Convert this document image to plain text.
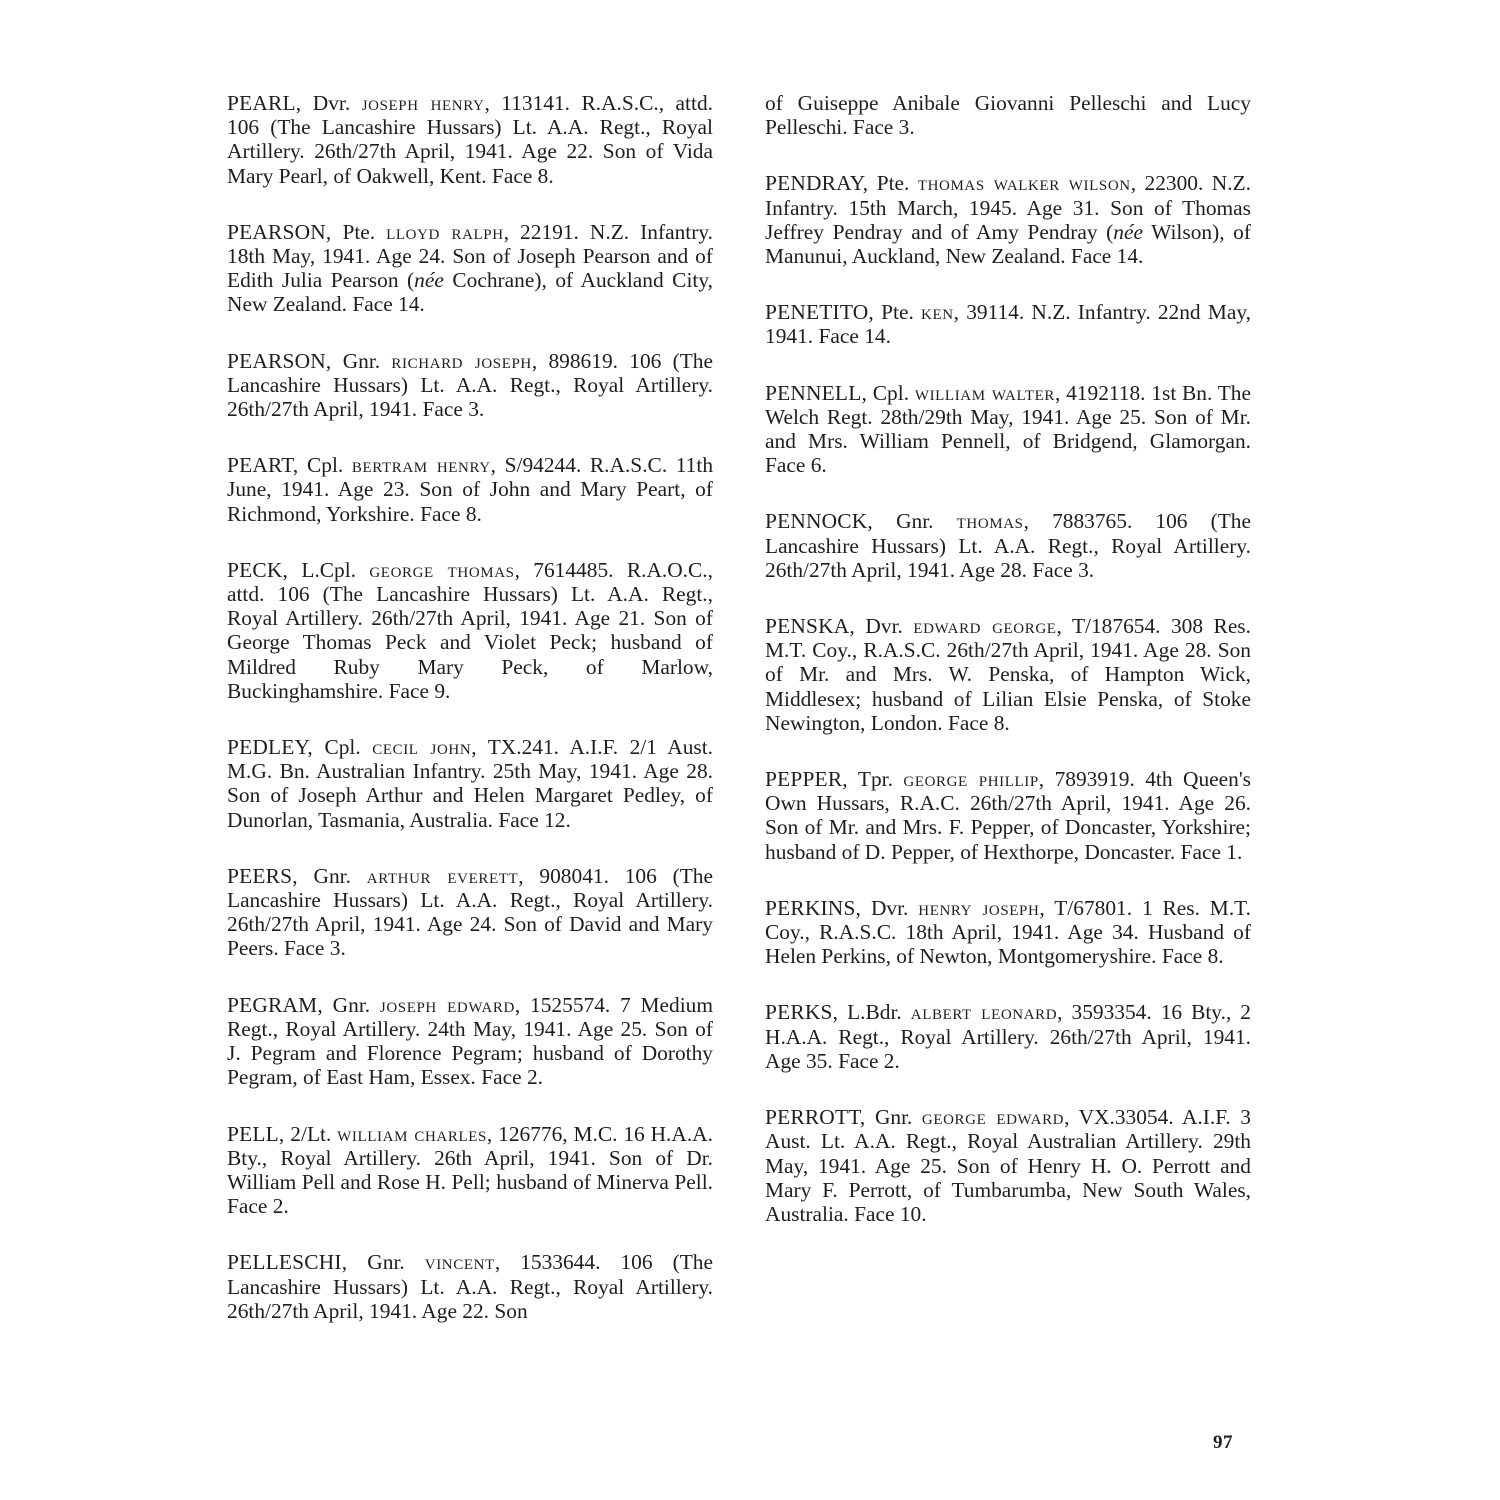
PEARL, Dvr. joseph henry, 113141. R.A.S.C., attd. 106 (The Lancashire Hussars) Lt. A.A. Regt., Royal Artillery. 26th/27th April, 1941. Age 22. Son of Vida Mary Pearl, of Oakwell, Kent. Face 8.

PEARSON, Pte. lloyd ralph, 22191. N.Z. Infantry. 18th May, 1941. Age 24. Son of Joseph Pearson and of Edith Julia Pearson (née Cochrane), of Auckland City, New Zealand. Face 14.

PEARSON, Gnr. richard joseph, 898619. 106 (The Lancashire Hussars) Lt. A.A. Regt., Royal Artillery. 26th/27th April, 1941. Face 3.

PEART, Cpl. bertram henry, S/94244. R.A.S.C. 11th June, 1941. Age 23. Son of John and Mary Peart, of Richmond, Yorkshire. Face 8.

PECK, L.Cpl. george thomas, 7614485. R.A.O.C., attd. 106 (The Lancashire Hussars) Lt. A.A. Regt., Royal Artillery. 26th/27th April, 1941. Age 21. Son of George Thomas Peck and Violet Peck; husband of Mildred Ruby Mary Peck, of Marlow, Buckinghamshire. Face 9.

PEDLEY, Cpl. cecil john, TX.241. A.I.F. 2/1 Aust. M.G. Bn. Australian Infantry. 25th May, 1941. Age 28. Son of Joseph Arthur and Helen Margaret Pedley, of Dunorlan, Tasmania, Australia. Face 12.

PEERS, Gnr. arthur everett, 908041. 106 (The Lancashire Hussars) Lt. A.A. Regt., Royal Artillery. 26th/27th April, 1941. Age 24. Son of David and Mary Peers. Face 3.

PEGRAM, Gnr. joseph edward, 1525574. 7 Medium Regt., Royal Artillery. 24th May, 1941. Age 25. Son of J. Pegram and Florence Pegram; husband of Dorothy Pegram, of East Ham, Essex. Face 2.

PELL, 2/Lt. william charles, 126776, M.C. 16 H.A.A. Bty., Royal Artillery. 26th April, 1941. Son of Dr. William Pell and Rose H. Pell; husband of Minerva Pell. Face 2.

PELLESCHI, Gnr. vincent, 1533644. 106 (The Lancashire Hussars) Lt. A.A. Regt., Royal Artillery. 26th/27th April, 1941. Age 22. Son

of Guiseppe Anibale Giovanni Pelleschi and Lucy Pelleschi. Face 3.

PENDRAY, Pte. thomas walker wilson, 22300. N.Z. Infantry. 15th March, 1945. Age 31. Son of Thomas Jeffrey Pendray and of Amy Pendray (née Wilson), of Manunui, Auckland, New Zealand. Face 14.

PENETITO, Pte. ken, 39114. N.Z. Infantry. 22nd May, 1941. Face 14.

PENNELL, Cpl. william walter, 4192118. 1st Bn. The Welch Regt. 28th/29th May, 1941. Age 25. Son of Mr. and Mrs. William Pennell, of Bridgend, Glamorgan. Face 6.

PENNOCK, Gnr. thomas, 7883765. 106 (The Lancashire Hussars) Lt. A.A. Regt., Royal Artillery. 26th/27th April, 1941. Age 28. Face 3.

PENSKA, Dvr. edward george, T/187654. 308 Res. M.T. Coy., R.A.S.C. 26th/27th April, 1941. Age 28. Son of Mr. and Mrs. W. Penska, of Hampton Wick, Middlesex; husband of Lilian Elsie Penska, of Stoke Newington, London. Face 8.

PEPPER, Tpr. george phillip, 7893919. 4th Queen's Own Hussars, R.A.C. 26th/27th April, 1941. Age 26. Son of Mr. and Mrs. F. Pepper, of Doncaster, Yorkshire; husband of D. Pepper, of Hexthorpe, Doncaster. Face 1.

PERKINS, Dvr. henry joseph, T/67801. 1 Res. M.T. Coy., R.A.S.C. 18th April, 1941. Age 34. Husband of Helen Perkins, of Newton, Montgomeryshire. Face 8.

PERKS, L.Bdr. albert leonard, 3593354. 16 Bty., 2 H.A.A. Regt., Royal Artillery. 26th/27th April, 1941. Age 35. Face 2.

PERROTT, Gnr. george edward, VX.33054. A.I.F. 3 Aust. Lt. A.A. Regt., Royal Australian Artillery. 29th May, 1941. Age 25. Son of Henry H. O. Perrott and Mary F. Perrott, of Tumbarumba, New South Wales, Australia. Face 10.

97
